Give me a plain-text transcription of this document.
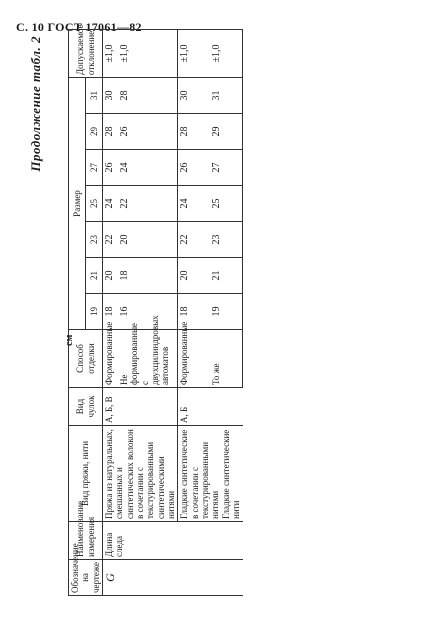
С. 10 ГОСТ 17061—82
Продолжение табл. 2
см
Обозначение на чертеже	Наименование измерения	Вид пряжи, нити	Вид чулок	Способ отделки	Размер							Допускаемое отклонение
					19	21	23	25	27	29	31	
G	Длина следа	Пряжа из натуральных, смешанных и синтетических волокон в сочетании с текстурированными синтетическими нитями	А, Б, В	Формированные	18	20	22	24	26	28	30	±1,0
				Не формированные с двухцилиндровых автоматов	16	18	20	22	24	26	28	±1,0

		Гладкие синтетические в сочетании с текстурированными нитями Гладкие синтетические нити	А, Б	Формированные	18	20	22	24	26	28	30	±1,0
				То же	19	21	23	25	27	29	31	±1,0
